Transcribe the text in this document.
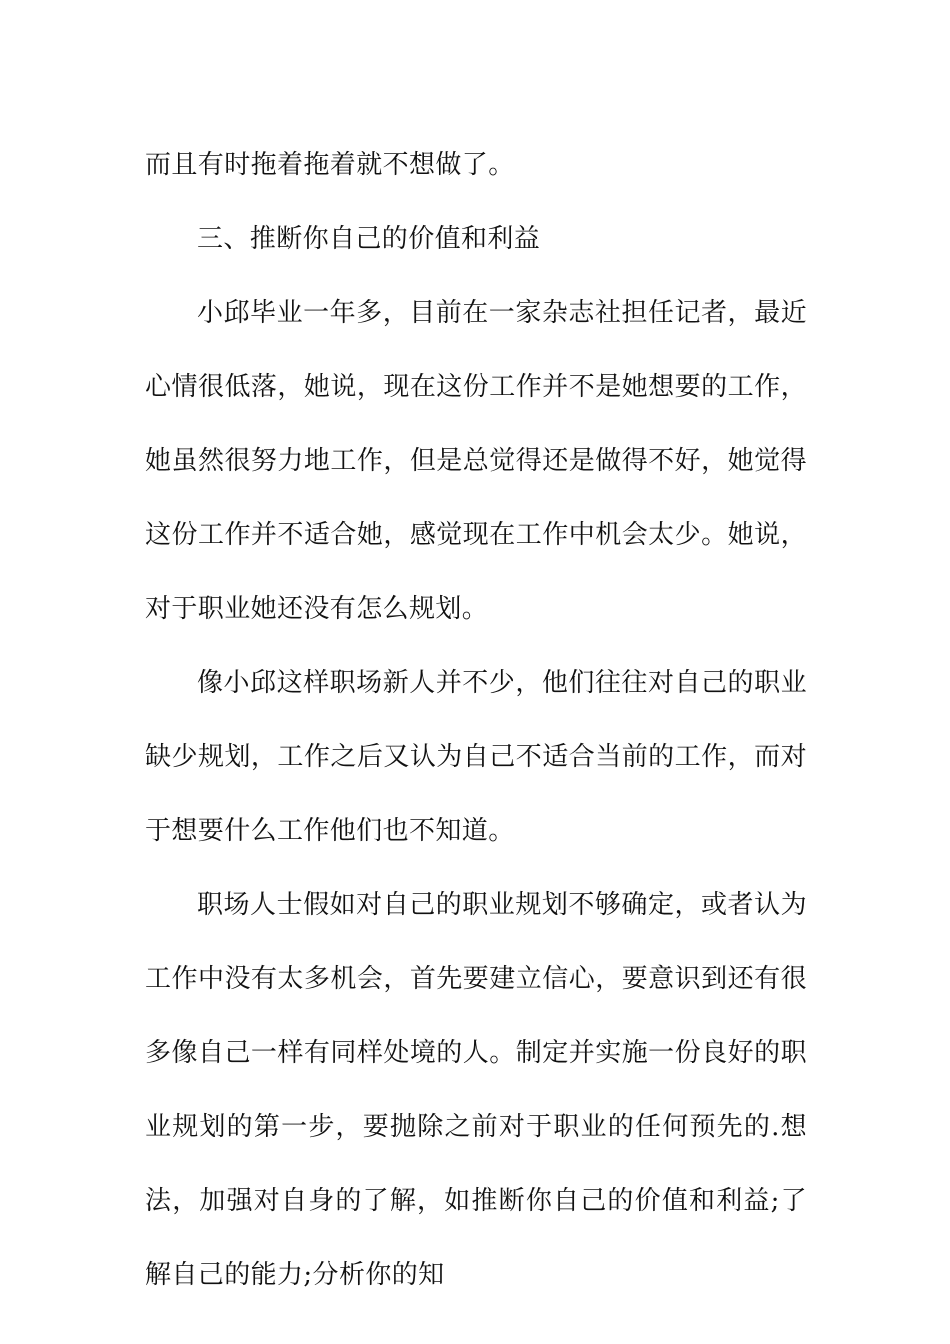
而且有时拖着拖着就不想做了。

三、推断你自己的价值和利益

小邱毕业一年多，目前在一家杂志社担任记者，最近心情很低落，她说，现在这份工作并不是她想要的工作，她虽然很努力地工作，但是总觉得还是做得不好，她觉得这份工作并不适合她，感觉现在工作中机会太少。她说，对于职业她还没有怎么规划。

像小邱这样职场新人并不少，他们往往对自己的职业缺少规划，工作之后又认为自己不适合当前的工作，而对于想要什么工作他们也不知道。

职场人士假如对自己的职业规划不够确定，或者认为工作中没有太多机会，首先要建立信心，要意识到还有很多像自己一样有同样处境的人。制定并实施一份良好的职业规划的第一步，要抛除之前对于职业的任何预先的.想法，加强对自身的了解，如推断你自己的价值和利益;了解自己的能力;分析你的知
